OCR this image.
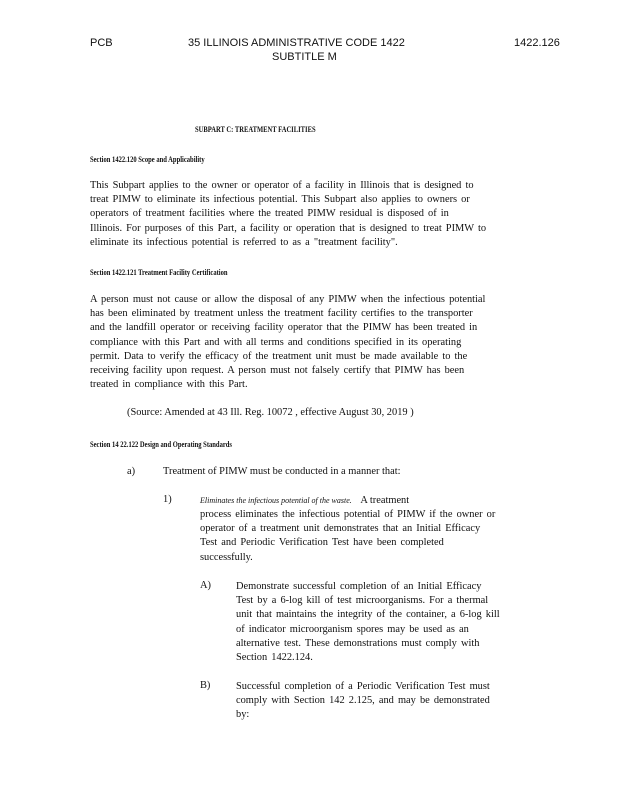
PCB	35 ILLINOIS ADMINISTRATIVE CODE 1422
SUBTITLE M
1422.126
SUBPART C: TREATMENT FACILITIES
Section 1422.120 Scope and Applicability
This Subpart applies to the owner or operator of a facility in Illinois that is designed to
treat PIMW to eliminate its infectious potential. This Subpart also applies to owners or
operators of treatment facilities where the treated PIMW residual is disposed of in
Illinois. For purposes of this Part, a facility or operation that is designed to treat PIMW to
eliminate its infectious potential is referred to as a "treatment facility".
Section 1422.121 Treatment Facility Certification
A person must not cause or allow the disposal of any PIMW when the infectious potential
has been eliminated by treatment unless the treatment facility certifies to the transporter
and the landfill operator or receiving facility operator that the PIMW has been treated in
compliance with this Part and with all terms and conditions specified in its operating
permit. Data to verify the efficacy of the treatment unit must be made available to the
receiving facility upon request. A person must not falsely certify that PIMW has been
treated in compliance with this Part.
(Source: Amended at 43 Ill. Reg. 10072 , effective August 30, 2019 )
Section 14 22.122 Design and Operating Standards
a)	Treatment of PIMW must be conducted in a manner that:
1)	Eliminates the infectious potential of the waste. A treatment
process eliminates the infectious potential of PIMW if the owner or
operator of a treatment unit demonstrates that an Initial Efficacy
Test and Periodic Verification Test have been completed
successfully.
A) Demonstrate successful completion of an Initial Efficacy
Test by a 6-log kill of test microorganisms. For a thermal
unit that maintains the integrity of the container, a 6-log kill
of indicator microorganism spores may be used as an
alternative test. These demonstrations must comply with
Section 1422.124.
B) Successful completion of a Periodic Verification Test must
comply with Section 142 2.125, and may be demonstrated
by:
